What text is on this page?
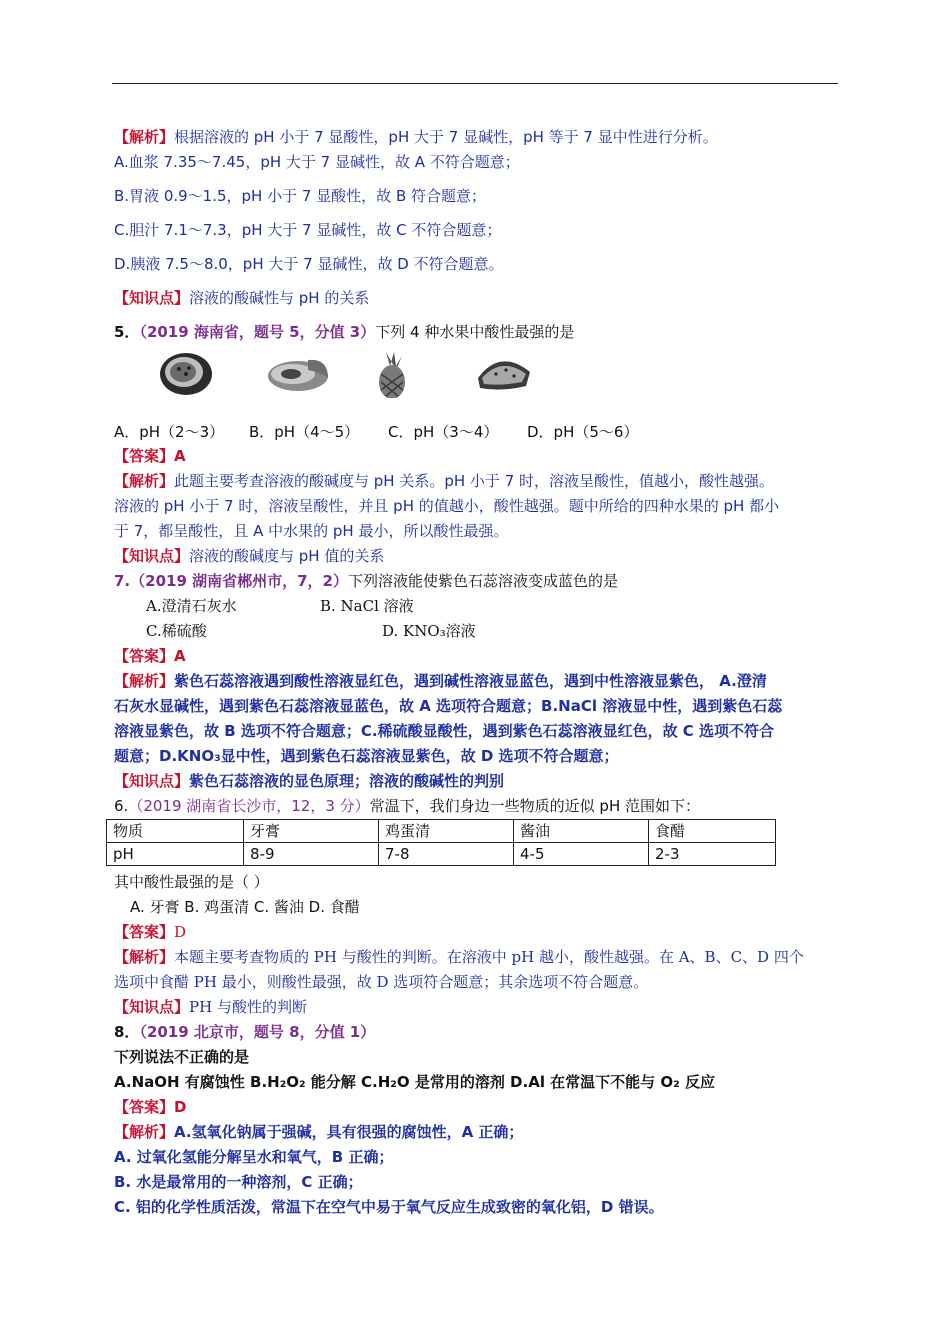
【解析】根据溶液的 pH 小于 7 显酸性，pH 大于 7 显碱性，pH 等于 7 显中性进行分析。
A.血浆 7.35～7.45，pH 大于 7 显碱性，故 A 不符合题意；
B.胃液 0.9～1.5，pH 小于 7 显酸性，故 B 符合题意；
C.胆汁 7.1～7.3，pH 大于 7 显碱性，故 C 不符合题意；
D.胰液 7.5～8.0，pH 大于 7 显碱性，故 D 不符合题意。
【知识点】溶液的酸碱性与 pH 的关系
5．（2019 海南省，题号 5，分值 3）下列 4 种水果中酸性最强的是
A．pH（2～3） B．pH（4～5） C．pH（3～4） D．pH（5～6）
【答案】A
【解析】此题主要考查溶液的酸碱度与 pH 关系。pH 小于 7 时，溶液呈酸性，值越小，酸性越强。
溶液的 pH 小于 7 时，溶液呈酸性，并且 pH 的值越小，酸性越强。题中所给的四种水果的 pH 都小
于 7，都呈酸性，且 A 中水果的 pH 最小，所以酸性最强。
【知识点】溶液的酸碱度与 pH 值的关系
7.（2019 湖南省郴州市，7，2）下列溶液能使紫色石蕊溶液变成蓝色的是
A.澄清石灰水	B. NaCl 溶液
C.稀硫酸	D. KNO₃溶液
【答案】A
【解析】紫色石蕊溶液遇到酸性溶液显红色，遇到碱性溶液显蓝色，遇到中性溶液显紫色， A.澄清
石灰水显碱性，遇到紫色石蕊溶液显蓝色，故 A 选项符合题意；B.NaCl 溶液显中性，遇到紫色石蕊
溶液显紫色，故 B 选项不符合题意；C.稀硫酸显酸性，遇到紫色石蕊溶液显红色，故 C 选项不符合
题意；D.KNO₃显中性，遇到紫色石蕊溶液显紫色，故 D 选项不符合题意；
【知识点】紫色石蕊溶液的显色原理；溶液的酸碱性的判别
6.（2019 湖南省长沙市，12，3 分）常温下，我们身边一些物质的近似 pH 范围如下：
物质	牙膏	鸡蛋清	酱油	食醋
pH	8-9	7-8	4-5	2-3
其中酸性最强的是（ ）
A. 牙膏 B. 鸡蛋清 C. 酱油 D. 食醋
【答案】D
【解析】本题主要考查物质的 PH 与酸性的判断。在溶液中 pH 越小，酸性越强。在 A、B、C、D 四个
选项中食醋 PH 最小，则酸性最强，故 D 选项符合题意；其余选项不符合题意。
【知识点】PH 与酸性的判断
8．（2019 北京市，题号 8，分值 1）
下列说法不正确的是
A.NaOH 有腐蚀性 B.H₂O₂ 能分解 C.H₂O 是常用的溶剂 D.Al 在常温下不能与 O₂ 反应
【答案】D
【解析】A.氢氧化钠属于强碱，具有很强的腐蚀性，A 正确；
A. 过氧化氢能分解呈水和氧气，B 正确；
B. 水是最常用的一种溶剂，C 正确；
C. 铝的化学性质活泼，常温下在空气中易于氧气反应生成致密的氧化铝，D 错误。
